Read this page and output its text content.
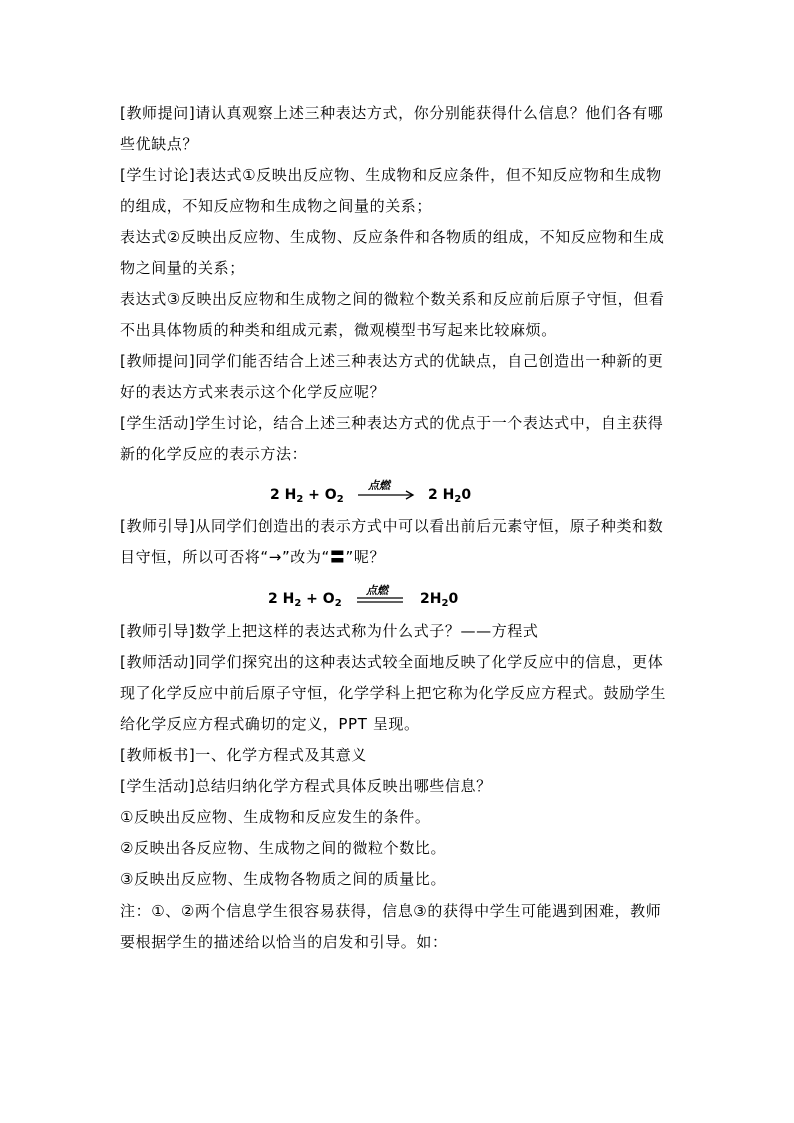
[教师提问]请认真观察上述三种表达方式，你分别能获得什么信息？他们各有哪
些优缺点？
[学生讨论]表达式①反映出反应物、生成物和反应条件，但不知反应物和生成物
的组成，不知反应物和生成物之间量的关系；
表达式②反映出反应物、生成物、反应条件和各物质的组成，不知反应物和生成
物之间量的关系；
表达式③反映出反应物和生成物之间的微粒个数关系和反应前后原子守恒，但看
不出具体物质的种类和组成元素，微观模型书写起来比较麻烦。
[教师提问]同学们能否结合上述三种表达方式的优缺点，自己创造出一种新的更
好的表达方式来表示这个化学反应呢？
[学生活动]学生讨论，结合上述三种表达方式的优点于一个表达式中，自主获得
新的化学反应的表示方法：
2 $H_2 + O_2$
点燃
→ 2 $H_20$
[教师引导]从同学们创造出的表示方式中可以看出前后元素守恒，原子种类和数
目守恒，所以可否将“→”改为“〓”呢？
2 $H_2 + O_2$
点燃
$2H_20$
[教师引导]数学上把这样的表达式称为什么式子？——方程式
[教师活动]同学们探究出的这种表达式较全面地反映了化学反应中的信息，更体
现了化学反应中前后原子守恒，化学学科上把它称为化学反应方程式。鼓励学生
给化学反应方程式确切的定义，PPT 呈现。
[教师板书]一、化学方程式及其意义
[学生活动]总结归纳化学方程式具体反映出哪些信息？
①反映出反应物、生成物和反应发生的条件。
②反映出各反应物、生成物之间的微粒个数比。
③反映出反应物、生成物各物质之间的质量比。
注：①、②两个信息学生很容易获得，信息③的获得中学生可能遇到困难，教师
要根据学生的描述给以恰当的启发和引导。如：
